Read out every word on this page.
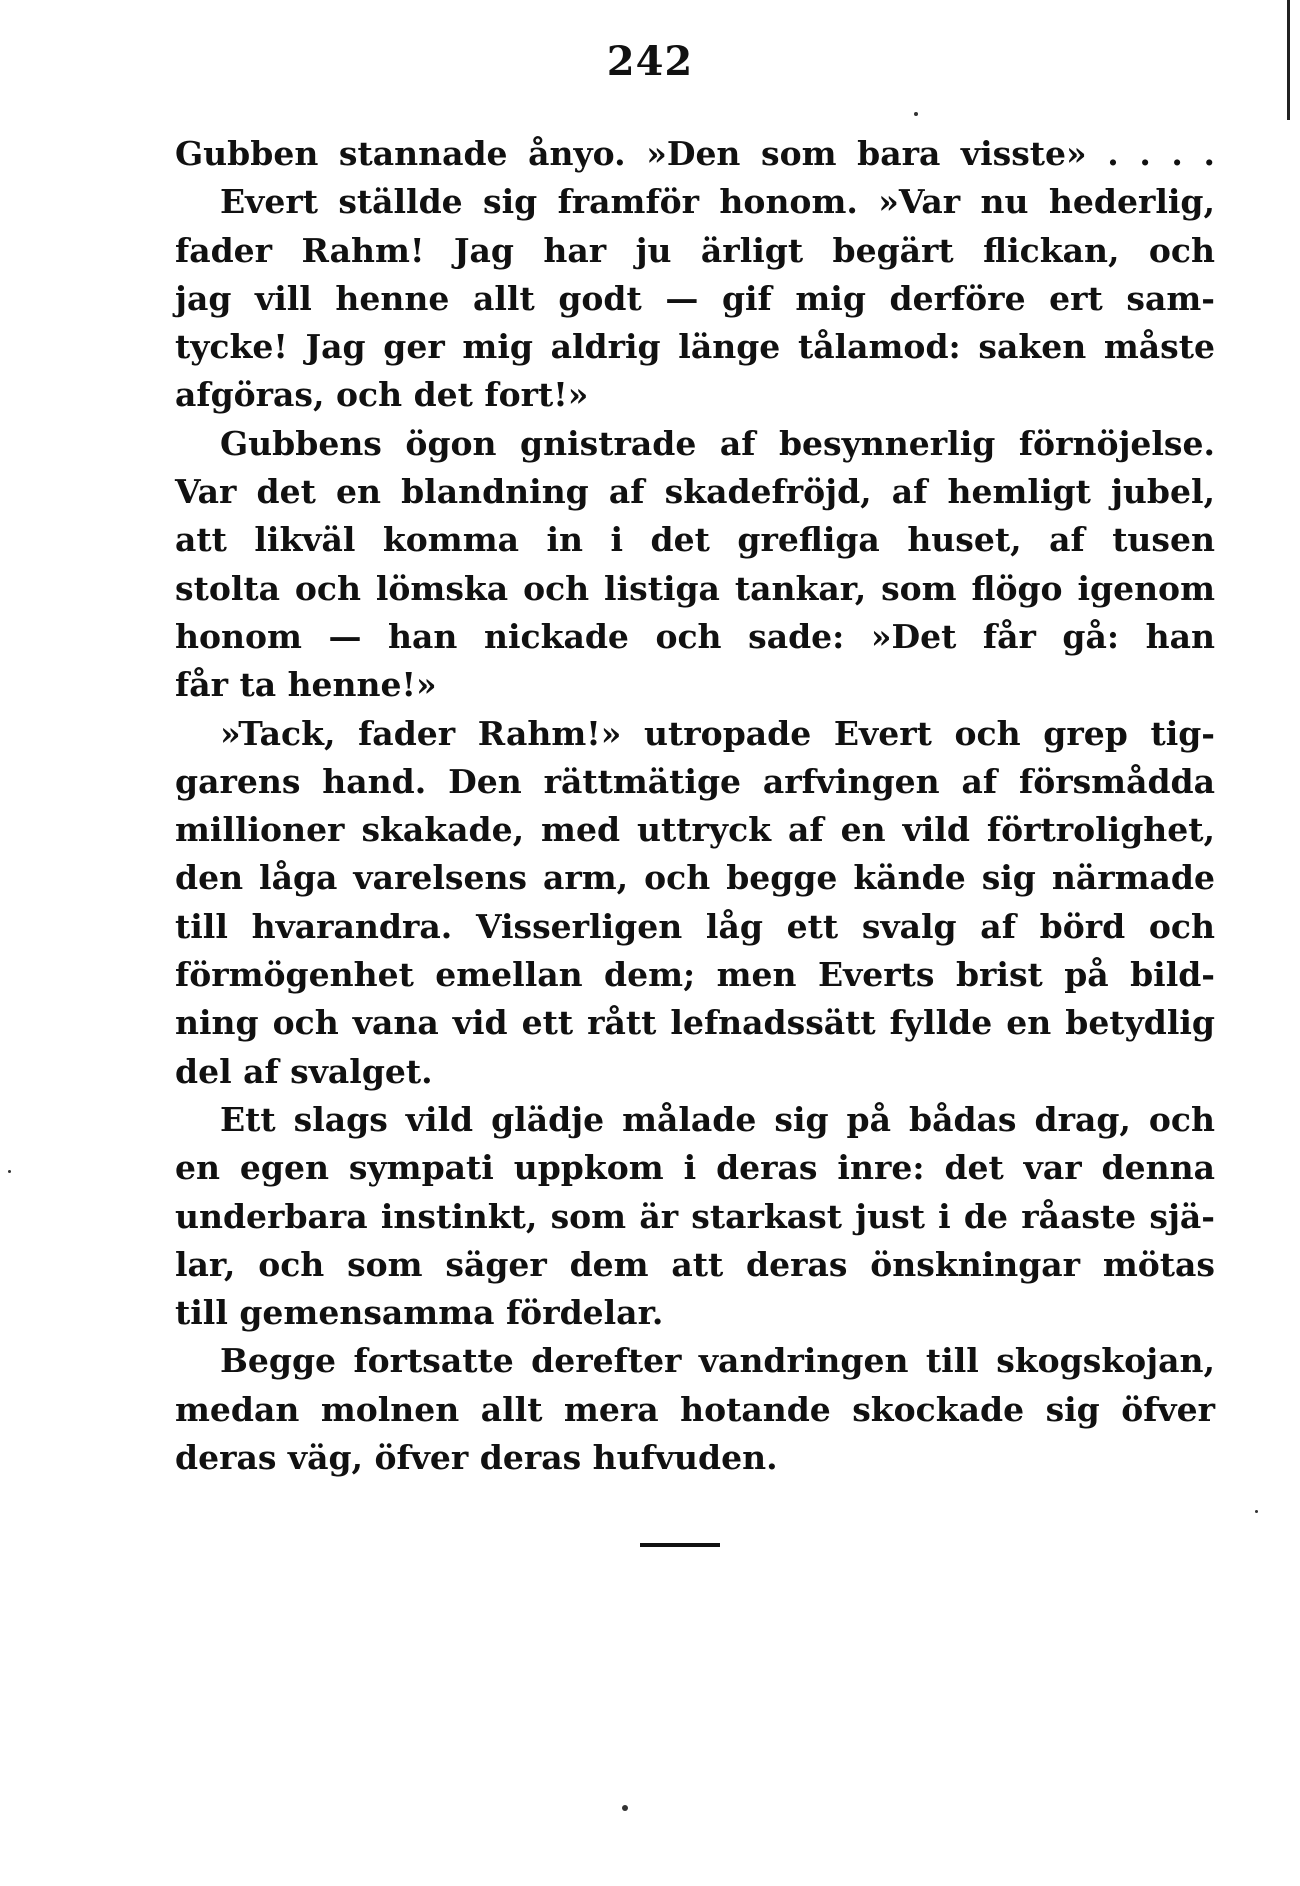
242
Gubben stannade ånyo. »Den som bara visste» . . . .
Evert ställde sig framför honom. »Var nu hederlig,
fader Rahm! Jag har ju ärligt begärt flickan, och
jag vill henne allt godt — gif mig derföre ert sam-
tycke! Jag ger mig aldrig länge tålamod: saken måste
afgöras, och det fort!»
Gubbens ögon gnistrade af besynnerlig förnöjelse.
Var det en blandning af skadefröjd, af hemligt jubel,
att likväl komma in i det grefliga huset, af tusen
stolta och lömska och listiga tankar, som flögo igenom
honom — han nickade och sade: »Det får gå: han
får ta henne!»
»Tack, fader Rahm!» utropade Evert och grep tig-
garens hand. Den rättmätige arfvingen af försmådda
millioner skakade, med uttryck af en vild förtrolighet,
den låga varelsens arm, och begge kände sig närmade
till hvarandra. Visserligen låg ett svalg af börd och
förmögenhet emellan dem; men Everts brist på bild-
ning och vana vid ett rått lefnadssätt fyllde en betydlig
del af svalget.
Ett slags vild glädje målade sig på bådas drag, och
en egen sympati uppkom i deras inre: det var denna
underbara instinkt, som är starkast just i de råaste sjä-
lar, och som säger dem att deras önskningar mötas
till gemensamma fördelar.
Begge fortsatte derefter vandringen till skogskojan,
medan molnen allt mera hotande skockade sig öfver
deras väg, öfver deras hufvuden.
